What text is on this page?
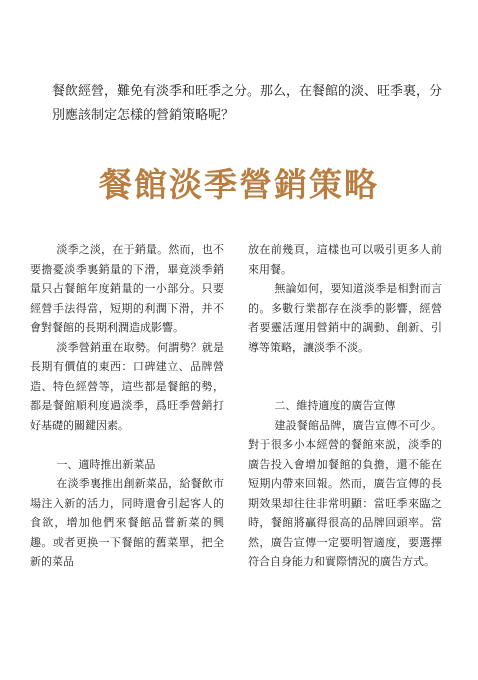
餐飲經營，難免有淡季和旺季之分。那么，在餐館的淡、旺季裏，分別應該制定怎樣的營銷策略呢？
餐館淡季營銷策略

淡季之淡，在于銷量。然而，也不要擔憂淡季裏銷量的下滑，畢竟淡季銷量只占餐館年度銷量的一小部分。只要經營手法得當，短期的利潤下滑，并不會對餐館的長期利潤造成影響。

淡季營銷重在取勢。何謂勢？就是長期有價值的東西：口碑建立、品牌營造、特色經營等，這些都是餐館的勢，都是餐館順利度過淡季，爲旺季營銷打好基礎的關鍵因素。

一、適時推出新菜品

在淡季裏推出創新菜品，給餐飲市場注入新的活力，同時還會引起客人的食欲，增加他們來餐館品嘗新菜的興趣。或者更换一下餐館的舊菜單，把全新的菜品

放在前幾頁，這樣也可以吸引更多人前來用餐。

無論如何，要知道淡季是相對而言的。多數行業都存在淡季的影響，經營者要靈活運用營銷中的調動、創新、引導等策略，讓淡季不淡。

二、維持適度的廣告宣傳

建設餐館品牌，廣告宣傳不可少。對于很多小本經營的餐館來説，淡季的廣告投入會增加餐館的負擔，還不能在短期内帶來回報。然而，廣告宣傳的長期效果却往往非常明顯：當旺季來臨之時，餐館將贏得很高的品牌回頭率。當然，廣告宣傳一定要明智適度，要選擇符合自身能力和實際情況的廣告方式。
